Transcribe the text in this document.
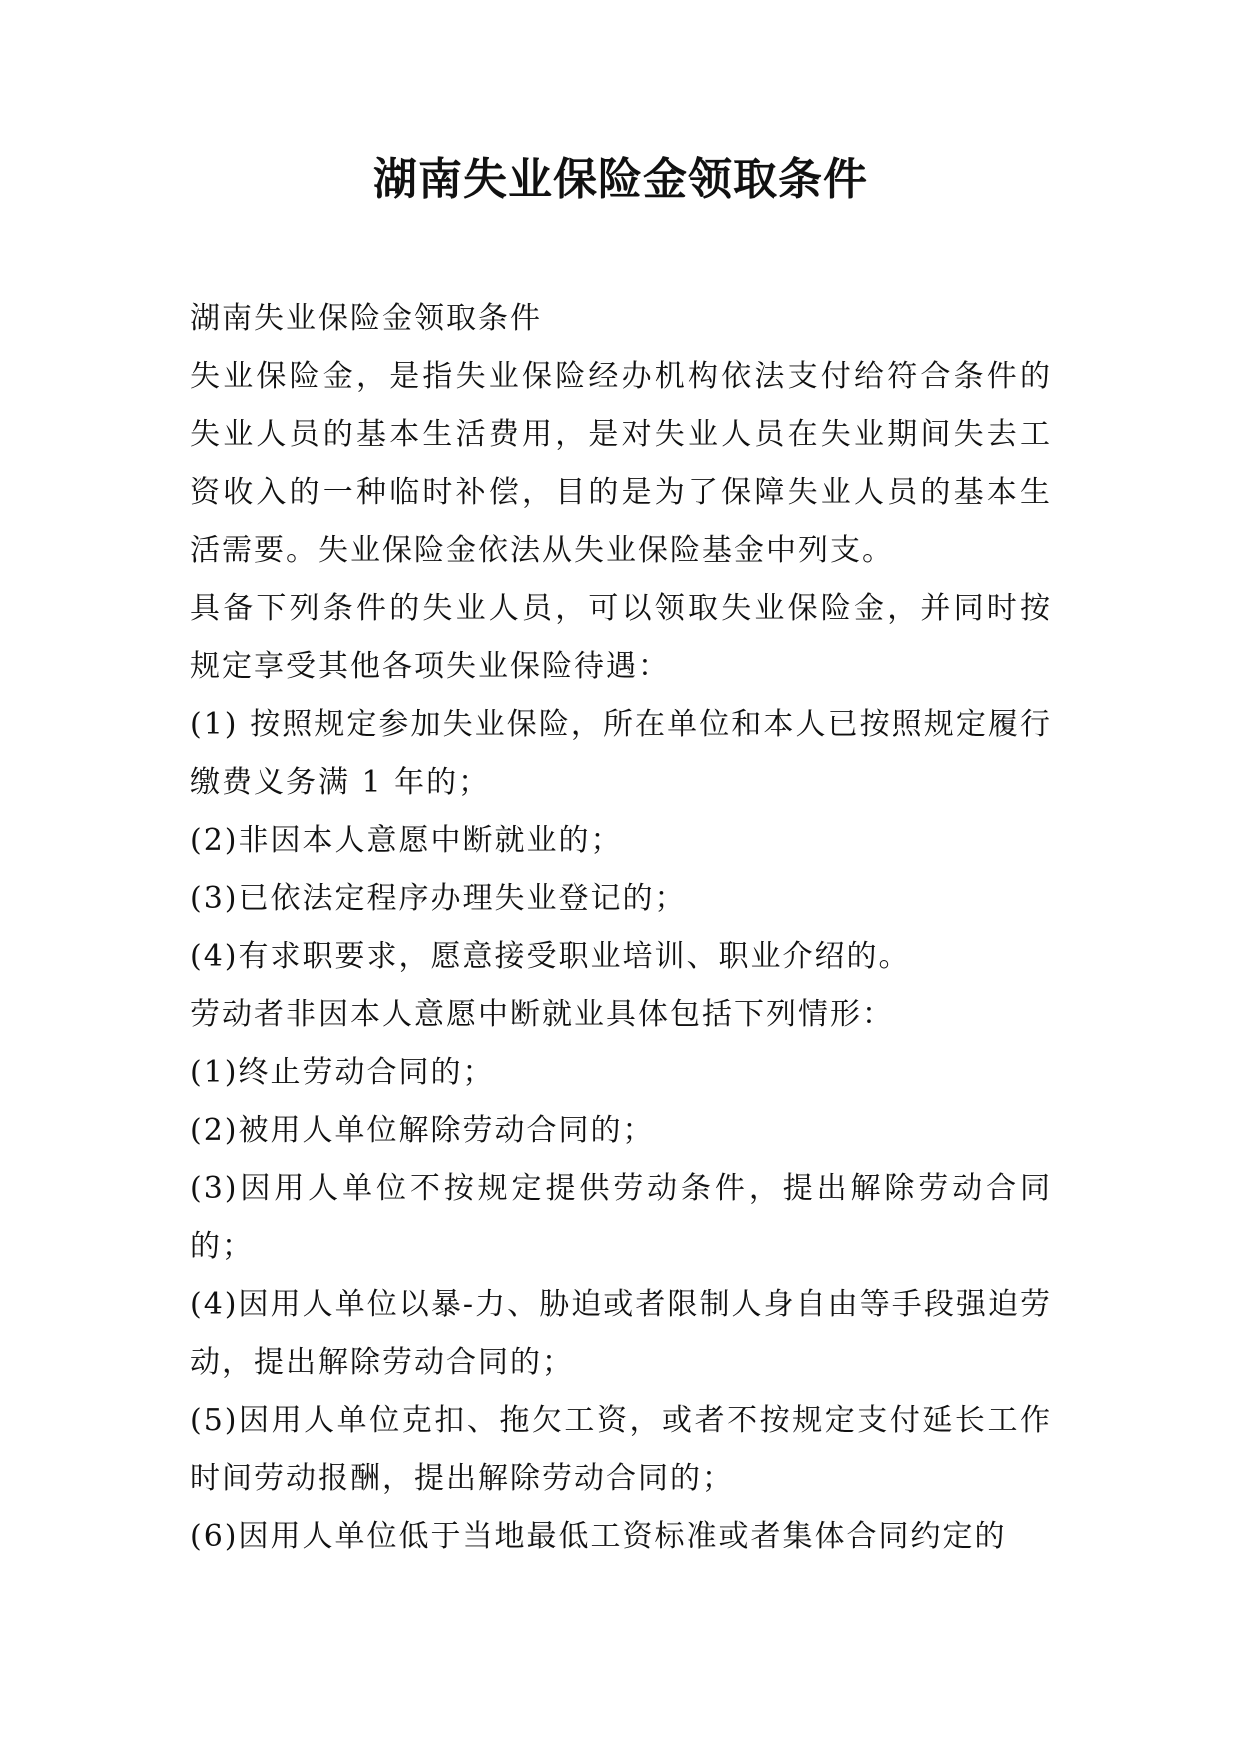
湖南失业保险金领取条件

湖南失业保险金领取条件

失业保险金，是指失业保险经办机构依法支付给符合条件的失业人员的基本生活费用，是对失业人员在失业期间失去工资收入的一种临时补偿，目的是为了保障失业人员的基本生活需要。失业保险金依法从失业保险基金中列支。

具备下列条件的失业人员，可以领取失业保险金，并同时按规定享受其他各项失业保险待遇：

(1) 按照规定参加失业保险，所在单位和本人已按照规定履行缴费义务满 1 年的；

(2)非因本人意愿中断就业的；

(3)已依法定程序办理失业登记的；

(4)有求职要求，愿意接受职业培训、职业介绍的。

劳动者非因本人意愿中断就业具体包括下列情形：

(1)终止劳动合同的；

(2)被用人单位解除劳动合同的；

(3)因用人单位不按规定提供劳动条件，提出解除劳动合同的；

(4)因用人单位以暴-力、胁迫或者限制人身自由等手段强迫劳动，提出解除劳动合同的；

(5)因用人单位克扣、拖欠工资，或者不按规定支付延长工作时间劳动报酬，提出解除劳动合同的；

(6)因用人单位低于当地最低工资标准或者集体合同约定的
